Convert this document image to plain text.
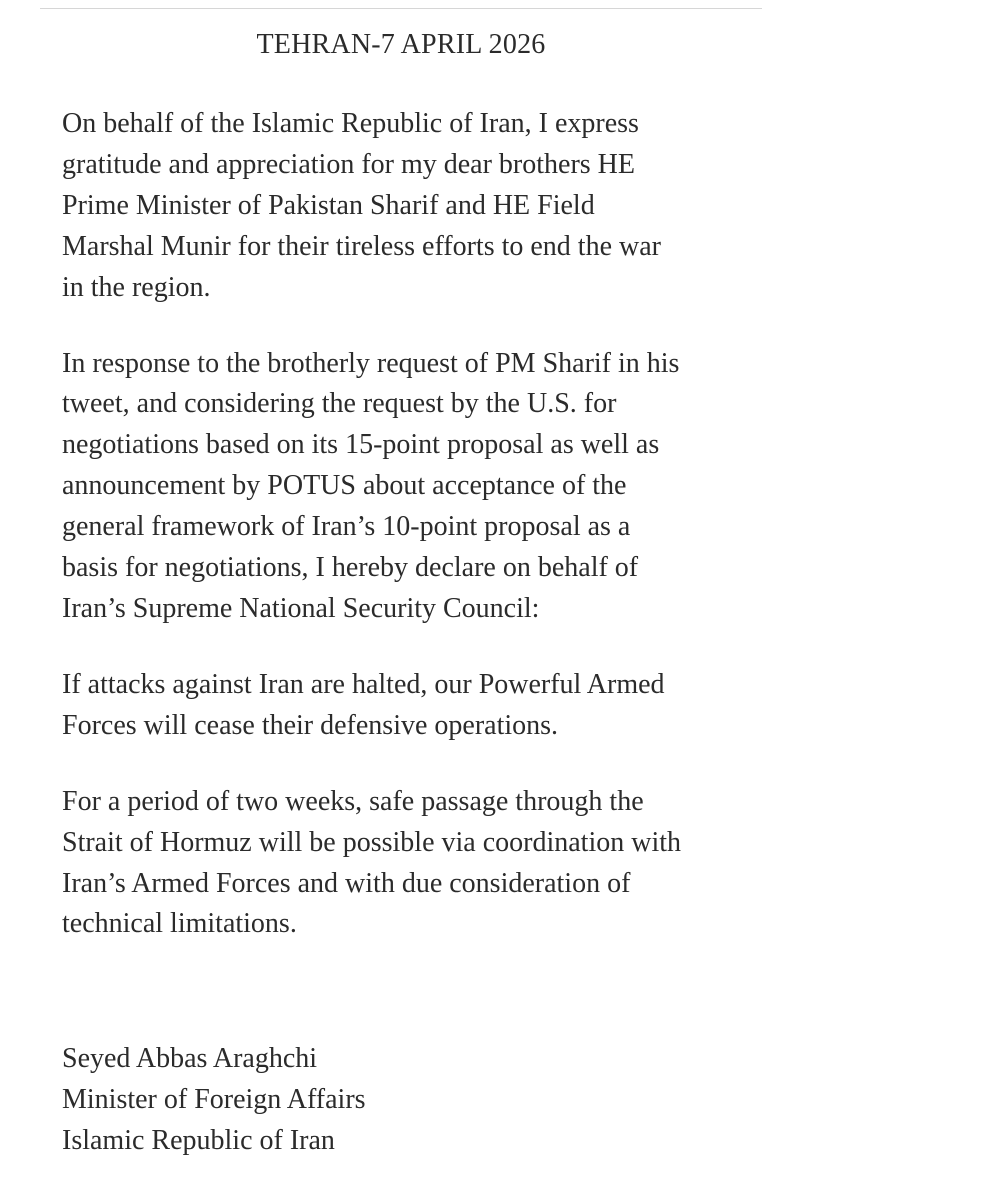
TEHRAN-7 APRIL 2026

On behalf of the Islamic Republic of Iran, I express
gratitude and appreciation for my dear brothers HE
Prime Minister of Pakistan Sharif and HE Field
Marshal Munir for their tireless efforts to end the war
in the region.

In response to the brotherly request of PM Sharif in his
tweet, and considering the request by the U.S. for
negotiations based on its 15-point proposal as well as
announcement by POTUS about acceptance of the
general framework of Iran’s 10-point proposal as a
basis for negotiations, I hereby declare on behalf of
Iran’s Supreme National Security Council:

If attacks against Iran are halted, our Powerful Armed
Forces will cease their defensive operations.

For a period of two weeks, safe passage through the
Strait of Hormuz will be possible via coordination with
Iran’s Armed Forces and with due consideration of
technical limitations.

Seyed Abbas Araghchi
Minister of Foreign Affairs
Islamic Republic of Iran
